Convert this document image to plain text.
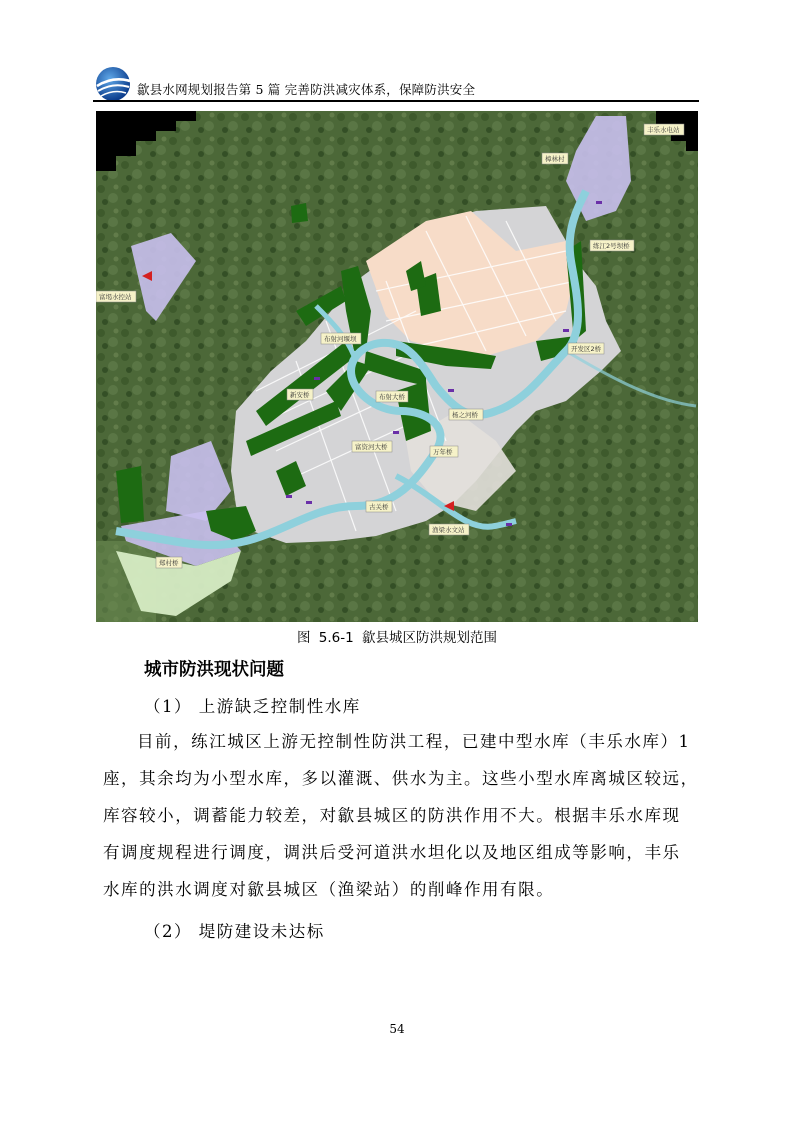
歙县水网规划报告第 5 篇 完善防洪减灾体系，保障防洪安全
丰乐水电站
樟林村
练江2号坝桥
开发区2桥
富堨水控站
布射河堰坝
布射大桥
杨之河桥
新安桥
富资河大桥
万年桥
古关桥
渔梁水文站
郑村桥
图 5.6-1 歙县城区防洪规划范围
城市防洪现状问题
（1） 上游缺乏控制性水库
目前，练江城区上游无控制性防洪工程，已建中型水库（丰乐水库）1
座，其余均为小型水库，多以灌溉、供水为主。这些小型水库离城区较远，
库容较小，调蓄能力较差，对歙县城区的防洪作用不大。根据丰乐水库现
有调度规程进行调度，调洪后受河道洪水坦化以及地区组成等影响，丰乐
水库的洪水调度对歙县城区（渔梁站）的削峰作用有限。
（2） 堤防建设未达标
54
